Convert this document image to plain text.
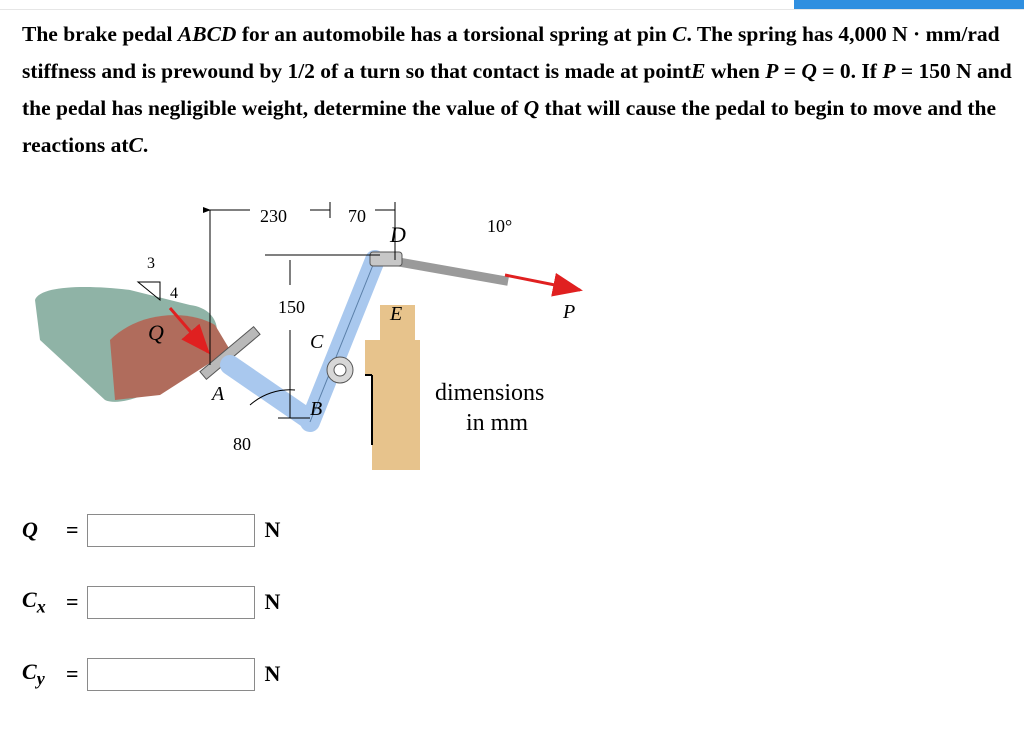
The brake pedal ABCD for an automobile has a torsional spring at pin C. The spring has 4,000 N · mm/rad stiffness and is prewound by 1/2 of a turn so that contact is made at pointE when P = Q = 0. If P = 150 N and the pedal has negligible weight, determine the value of Q that will cause the pedal to begin to move and the reactions atC.
230	70
150
80
10°
3
4
A
B
C
D
E	P
Q
dimensions
in mm
Q	=	N
$C_x$ =	N
$C_y$ =	N
